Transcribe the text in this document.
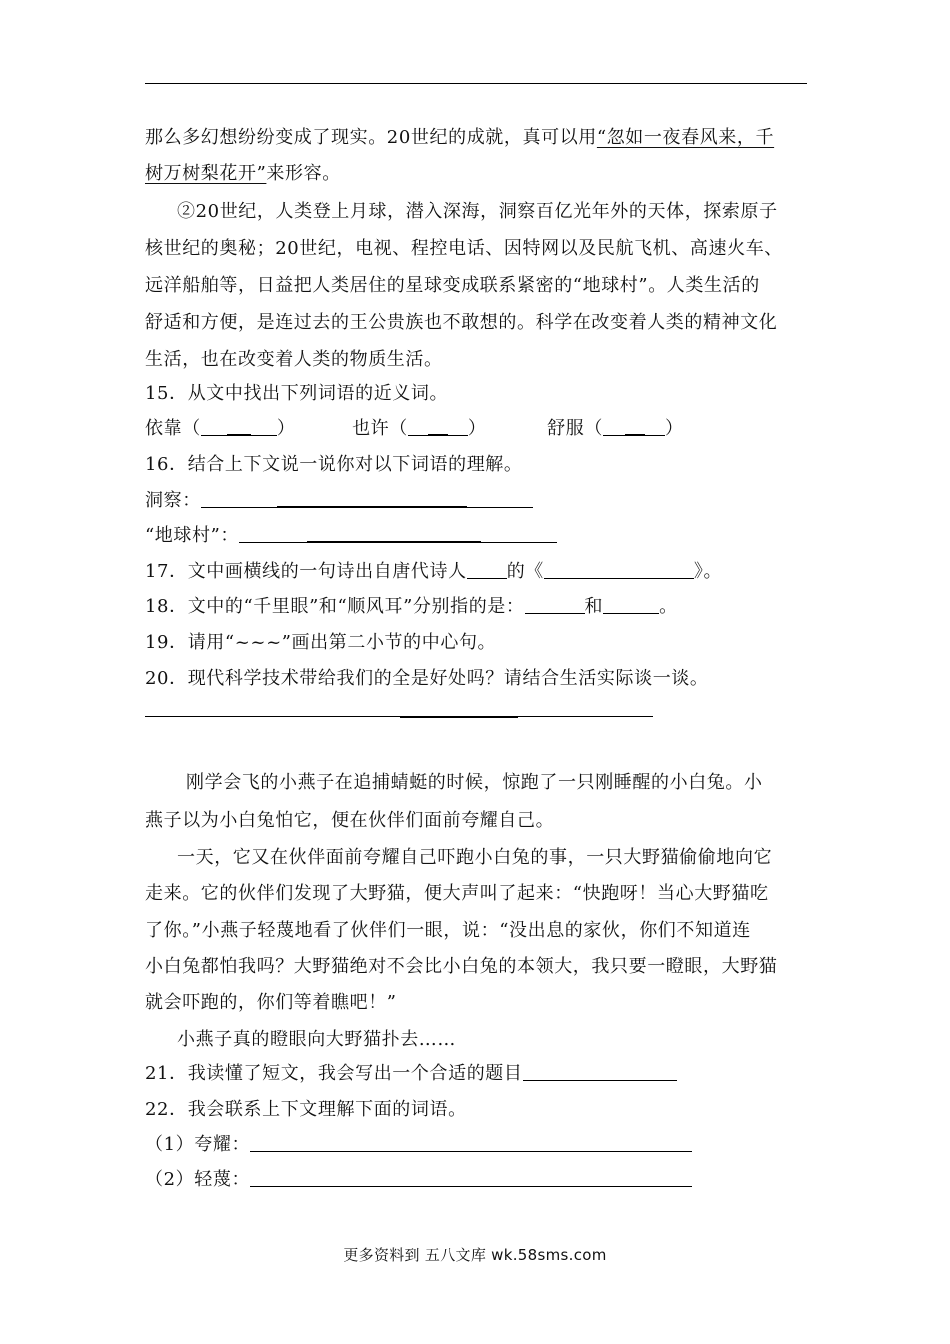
那么多幻想纷纷变成了现实。20世纪的成就，真可以用“忽如一夜春风来，千
树万树梨花开”来形容。
②20世纪，人类登上月球，潜入深海，洞察百亿光年外的天体，探索原子
核世纪的奥秘；20世纪，电视、程控电话、因特网以及民航飞机、高速火车、
远洋船舶等，日益把人类居住的星球变成联系紧密的“地球村”。人类生活的
舒适和方便，是连过去的王公贵族也不敢想的。科学在改变着人类的精神文化
生活，也在改变着人类的物质生活。
15．从文中找出下列词语的近义词。
依靠（	）	也许（	）	舒服（	）
16．结合上下文说一说你对以下词语的理解。
洞察：
“地球村”：
17．文中画横线的一句诗出自唐代诗人 的《	》。
18．文中的“千里眼”和“顺风耳”分别指的是：	和	。
19．请用“~~~”画出第二小节的中心句。
20．现代科学技术带给我们的全是好处吗？请结合生活实际谈一谈。
刚学会飞的小燕子在追捕蜻蜓的时候，惊跑了一只刚睡醒的小白兔。小
燕子以为小白兔怕它，便在伙伴们面前夸耀自己。
一天，它又在伙伴面前夸耀自己吓跑小白兔的事，一只大野猫偷偷地向它
走来。它的伙伴们发现了大野猫，便大声叫了起来：“快跑呀！当心大野猫吃
了你。”小燕子轻蔑地看了伙伴们一眼，说：“没出息的家伙，你们不知道连
小白兔都怕我吗？大野猫绝对不会比小白兔的本领大，我只要一瞪眼，大野猫
就会吓跑的，你们等着瞧吧！”
小燕子真的瞪眼向大野猫扑去……
21．我读懂了短文，我会写出一个合适的题目
22．我会联系上下文理解下面的词语。
（1）夸耀：
（2）轻蔑：
更多资料到 五八文库 wk.58sms.com
